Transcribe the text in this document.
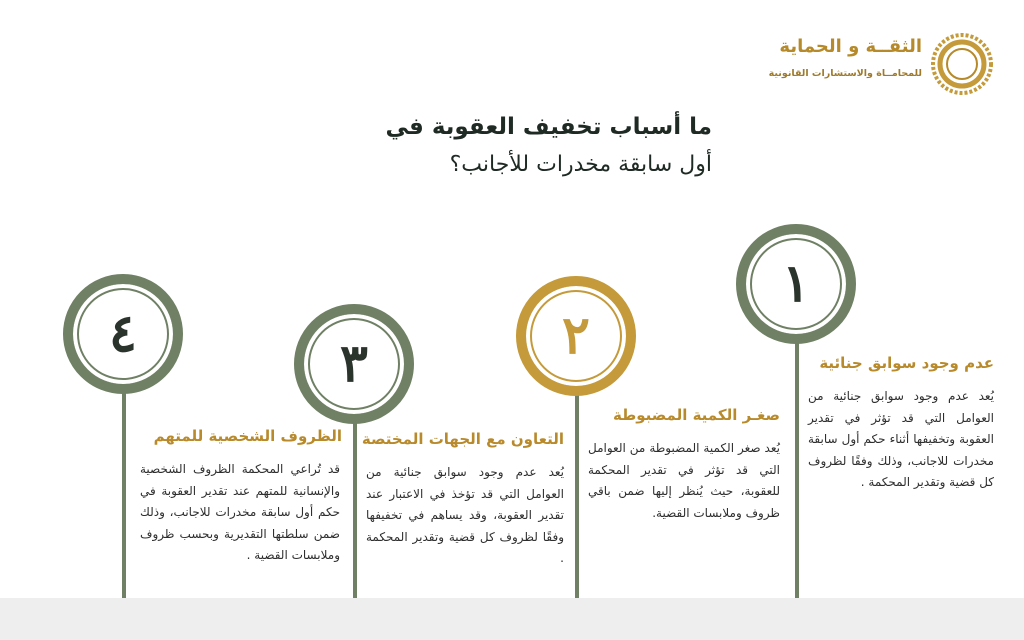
الثقــة و الحماية
للمحامــاة والاستشارات القانونية
ما أسباب تخفيف العقوبة في
أول سابقة مخدرات للأجانب؟
١
عدم وجود سوابق جنائية
يُعد عدم وجود سوابق جنائية من العوامل التي قد تؤثر في تقدير العقوبة وتخفيفها أثناء حكم أول سابقة مخدرات للاجانب، وذلك وفقًا لظروف كل قضية وتقدير المحكمة .
٢
صغـر الكمية المضبوطة
يُعد صغر الكمية المضبوطة من العوامل التي قد تؤثر في تقدير المحكمة للعقوبة، حيث يُنظر إليها ضمن باقي ظروف وملابسات القضية.
٣
التعاون مع الجهات المختصة
يُعد عدم وجود سوابق جنائية من العوامل التي قد تؤخذ في الاعتبار عند تقدير العقوبة، وقد يساهم في تخفيفها وفقًا لظروف كل قضية وتقدير المحكمة .
٤
الظروف الشخصية للمتهم
قد تُراعي المحكمة الظروف الشخصية والإنسانية للمتهم عند تقدير العقوبة في حكم أول سابقة مخدرات للاجانب، وذلك ضمن سلطتها التقديرية وبحسب ظروف وملابسات القضية .
